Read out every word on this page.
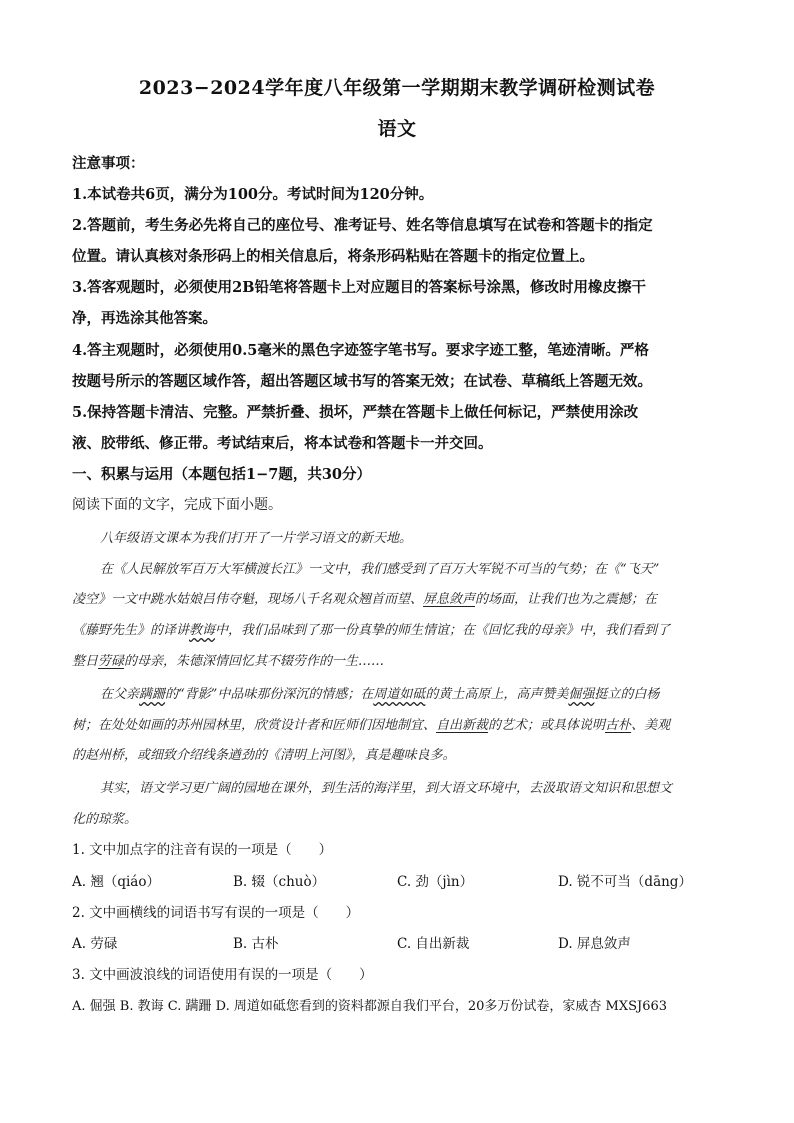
2023−2024学年度八年级第一学期期末教学调研检测试卷
语文
注意事项：
1.本试卷共6页，满分为100分。考试时间为120分钟。
2.答题前，考生务必先将自己的座位号、准考证号、姓名等信息填写在试卷和答题卡的指定
位置。请认真核对条形码上的相关信息后，将条形码粘贴在答题卡的指定位置上。
3.答客观题时，必须使用2B铅笔将答题卡上对应题目的答案标号涂黑，修改时用橡皮擦干
净，再选涂其他答案。
4.答主观题时，必须使用0.5毫米的黑色字迹签字笔书写。要求字迹工整，笔迹清晰。严格
按题号所示的答题区域作答，超出答题区域书写的答案无效；在试卷、草稿纸上答题无效。
5.保持答题卡清洁、完整。严禁折叠、损坏，严禁在答题卡上做任何标记，严禁使用涂改
液、胶带纸、修正带。考试结束后，将本试卷和答题卡一并交回。
一、积累与运用（本题包括1−7题，共30分）
阅读下面的文字，完成下面小题。
八年级语文课本为我们打开了一片学习语文的新天地。
在《人民解放军百万大军横渡长江》一文中，我们感受到了百万大军锐不可当的气势；在《“飞天”
凌空》一文中跳水姑娘吕伟夺魁，现场八千名观众翘首而望、屏息敛声的场面，让我们也为之震撼；在
《藤野先生》的译讲教诲中，我们品味到了那一份真挚的师生情谊；在《回忆我的母亲》中，我们看到了
整日劳碌的母亲，朱德深情回忆其不辍劳作的一生……
在父亲蹒跚的“背影”中品味那份深沉的情感；在周道如砥的黄土高原上，高声赞美倔强挺立的白杨
树；在处处如画的苏州园林里，欣赏设计者和匠师们因地制宜、自出新裁的艺术；或具体说明古朴、美观
的赵州桥，或细致介绍线条遒劲的《清明上河图》，真是趣味良多。
其实，语文学习更广阔的园地在课外，到生活的海洋里，到大语文环境中，去汲取语文知识和思想文
化的琼浆。
1. 文中加点字的注音有误的一项是（　　）
A. 翘（qiáo）	B. 辍（chuò）	C. 劲（jìn）	D. 锐不可当（dāng）
2. 文中画横线的词语书写有误的一项是（　　）
A. 劳碌	B. 古朴	C. 自出新裁	D. 屏息敛声
3. 文中画波浪线的词语使用有误的一项是（　　）
A. 倔强 B. 教诲 C. 蹒跚 D. 周道如砥您看到的资料都源自我们平台，20多万份试卷，家威杏 MXSJ663
